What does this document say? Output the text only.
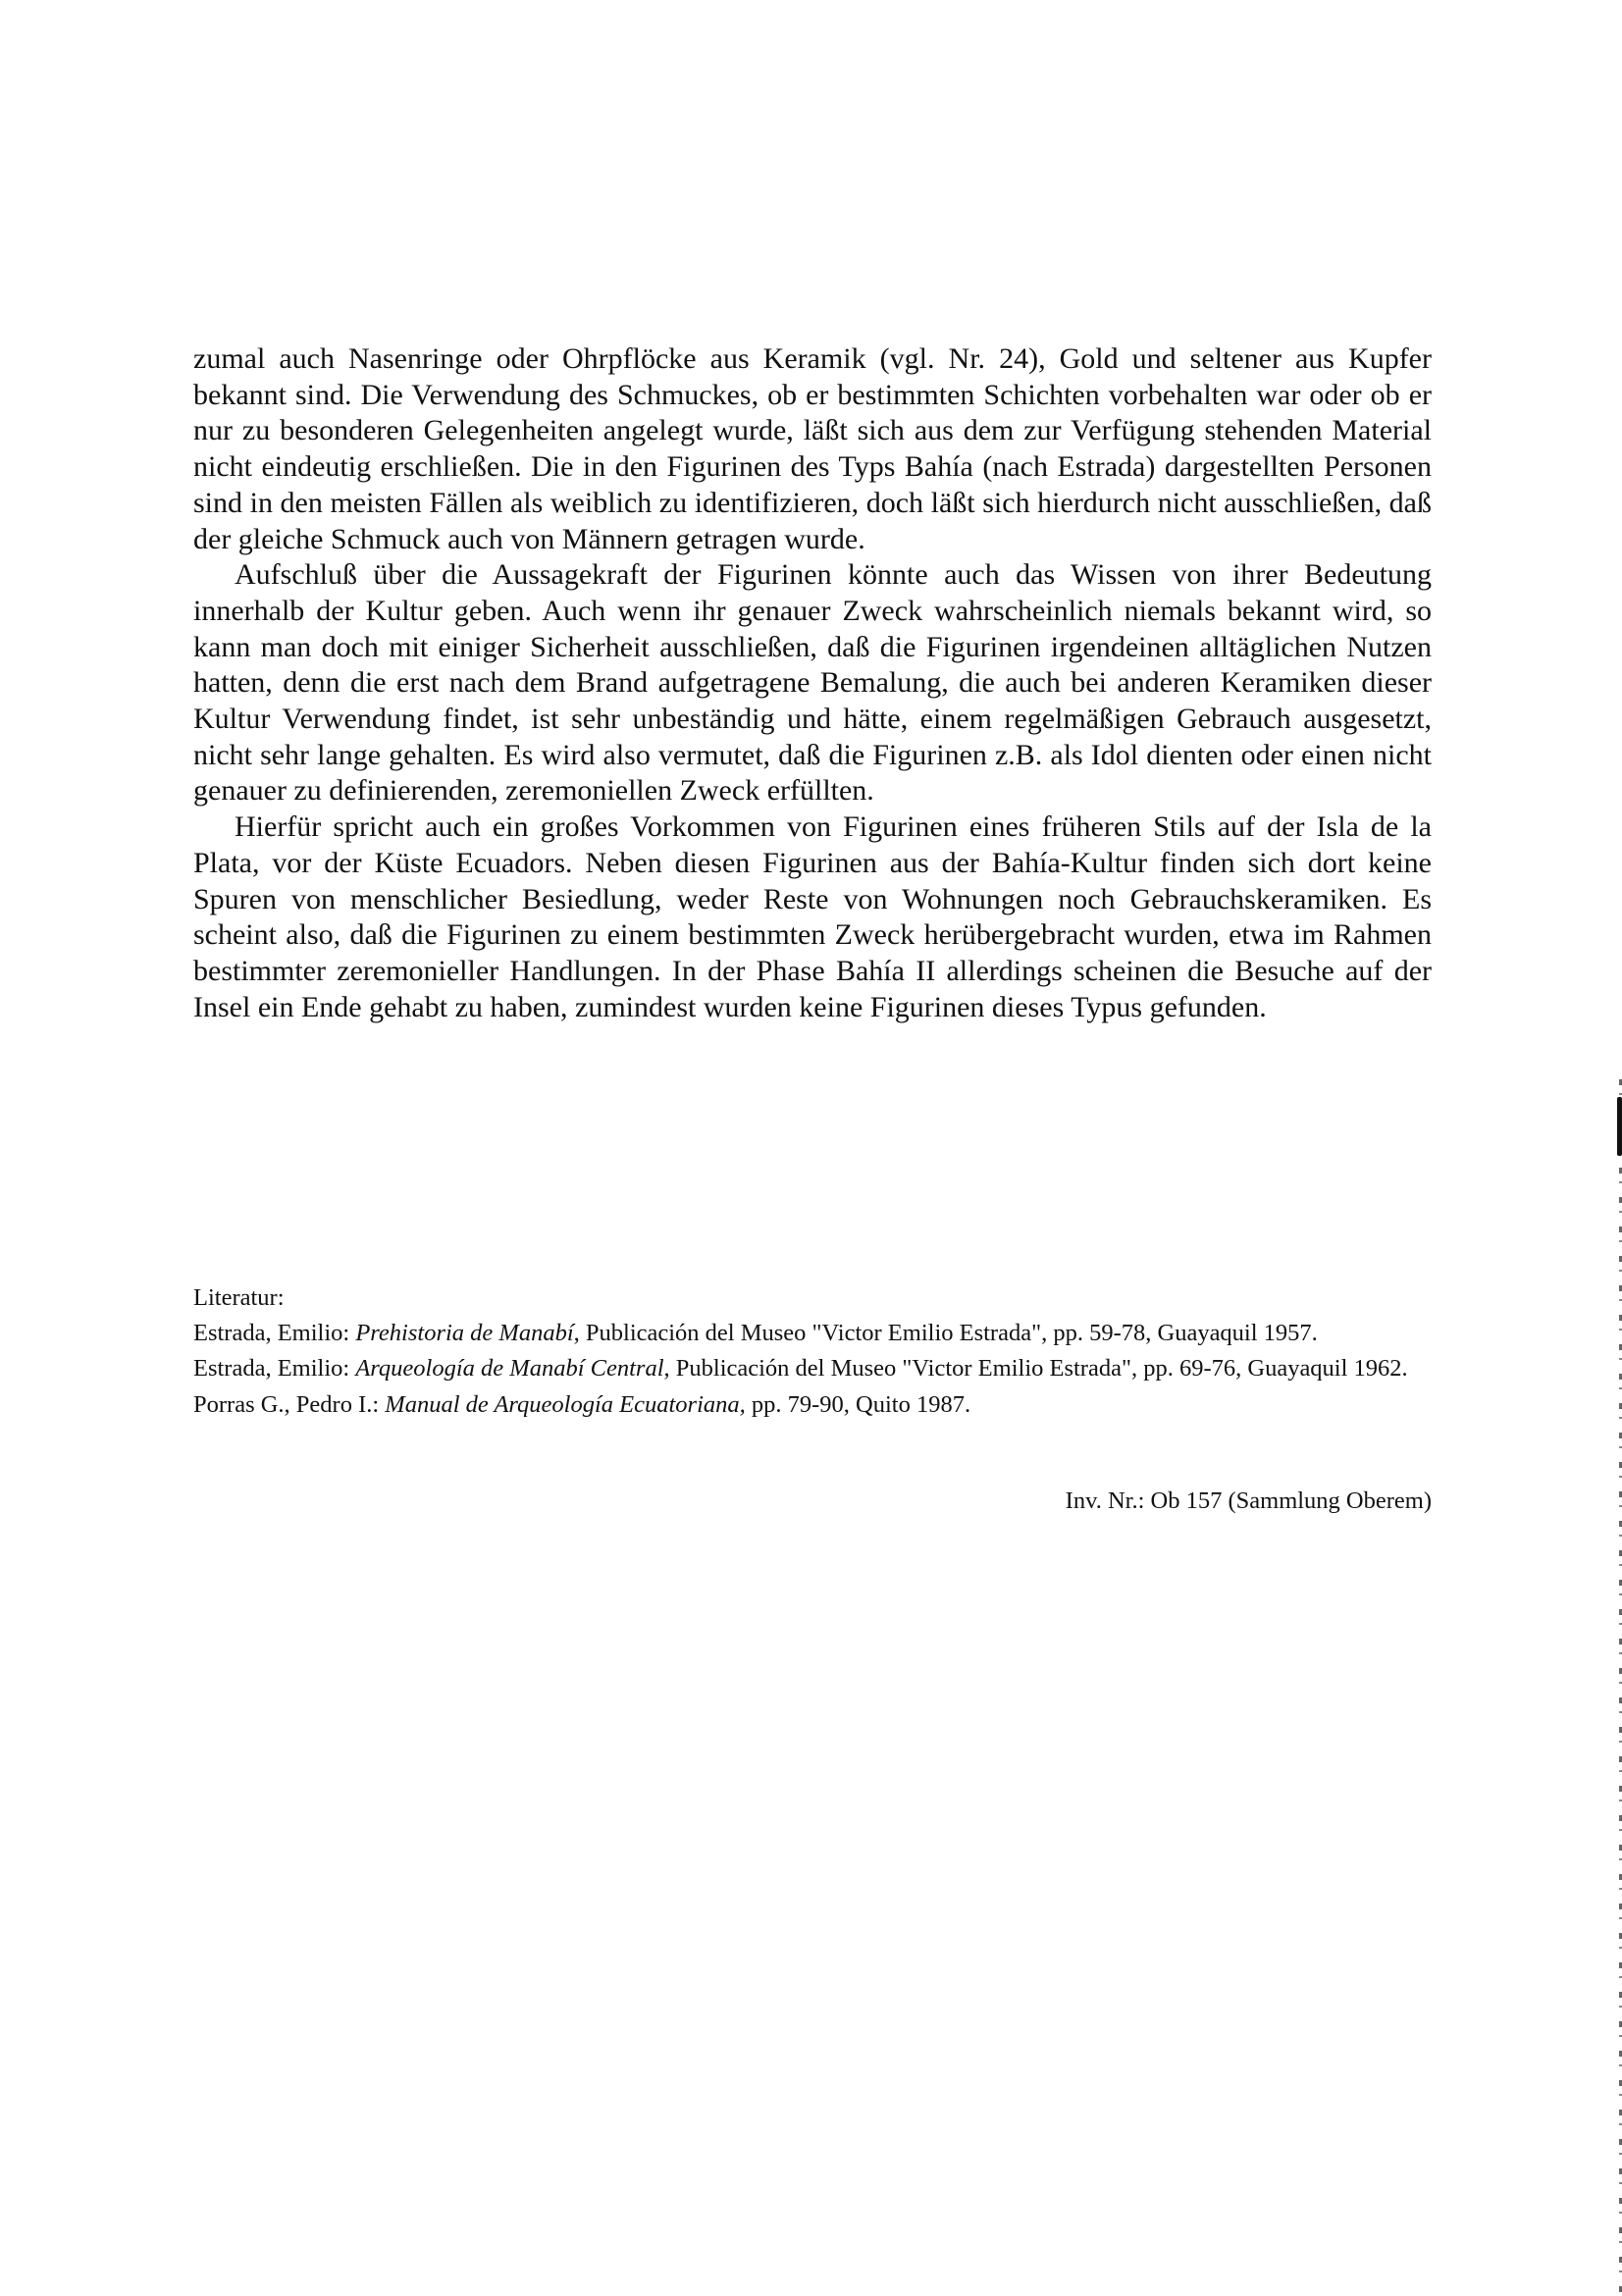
zumal auch Nasenringe oder Ohrpflöcke aus Keramik (vgl. Nr. 24), Gold und seltener aus Kupfer bekannt sind. Die Verwendung des Schmuckes, ob er bestimmten Schichten vorbehalten war oder ob er nur zu besonderen Gelegenheiten angelegt wurde, läßt sich aus dem zur Verfügung stehenden Material nicht eindeutig erschließen. Die in den Figurinen des Typs Bahía (nach Estrada) dargestellten Personen sind in den meisten Fällen als weiblich zu identifizieren, doch läßt sich hierdurch nicht ausschließen, daß der gleiche Schmuck auch von Männern getragen wurde.

Aufschluß über die Aussagekraft der Figurinen könnte auch das Wissen von ihrer Bedeutung innerhalb der Kultur geben. Auch wenn ihr genauer Zweck wahrscheinlich niemals bekannt wird, so kann man doch mit einiger Sicherheit ausschließen, daß die Figurinen irgendeinen alltäglichen Nutzen hatten, denn die erst nach dem Brand aufgetragene Bemalung, die auch bei anderen Keramiken dieser Kultur Verwendung findet, ist sehr unbeständig und hätte, einem regelmäßigen Gebrauch ausgesetzt, nicht sehr lange gehalten. Es wird also vermutet, daß die Figurinen z.B. als Idol dienten oder einen nicht genauer zu definierenden, zeremoniellen Zweck erfüllten.

Hierfür spricht auch ein großes Vorkommen von Figurinen eines früheren Stils auf der Isla de la Plata, vor der Küste Ecuadors. Neben diesen Figurinen aus der Bahía-Kultur finden sich dort keine Spuren von menschlicher Besiedlung, weder Reste von Wohnungen noch Gebrauchskeramiken. Es scheint also, daß die Figurinen zu einem bestimmten Zweck herübergebracht wurden, etwa im Rahmen bestimmter zeremonieller Handlungen. In der Phase Bahía II allerdings scheinen die Besuche auf der Insel ein Ende gehabt zu haben, zumindest wurden keine Figurinen dieses Typus gefunden.

Literatur:

Estrada, Emilio: Prehistoria de Manabí, Publicación del Museo "Victor Emilio Estrada", pp. 59-78, Guayaquil 1957.

Estrada, Emilio: Arqueología de Manabí Central, Publicación del Museo "Victor Emilio Estrada", pp. 69-76, Guayaquil 1962.

Porras G., Pedro I.: Manual de Arqueología Ecuatoriana, pp. 79-90, Quito 1987.

Inv. Nr.: Ob 157 (Sammlung Oberem)
